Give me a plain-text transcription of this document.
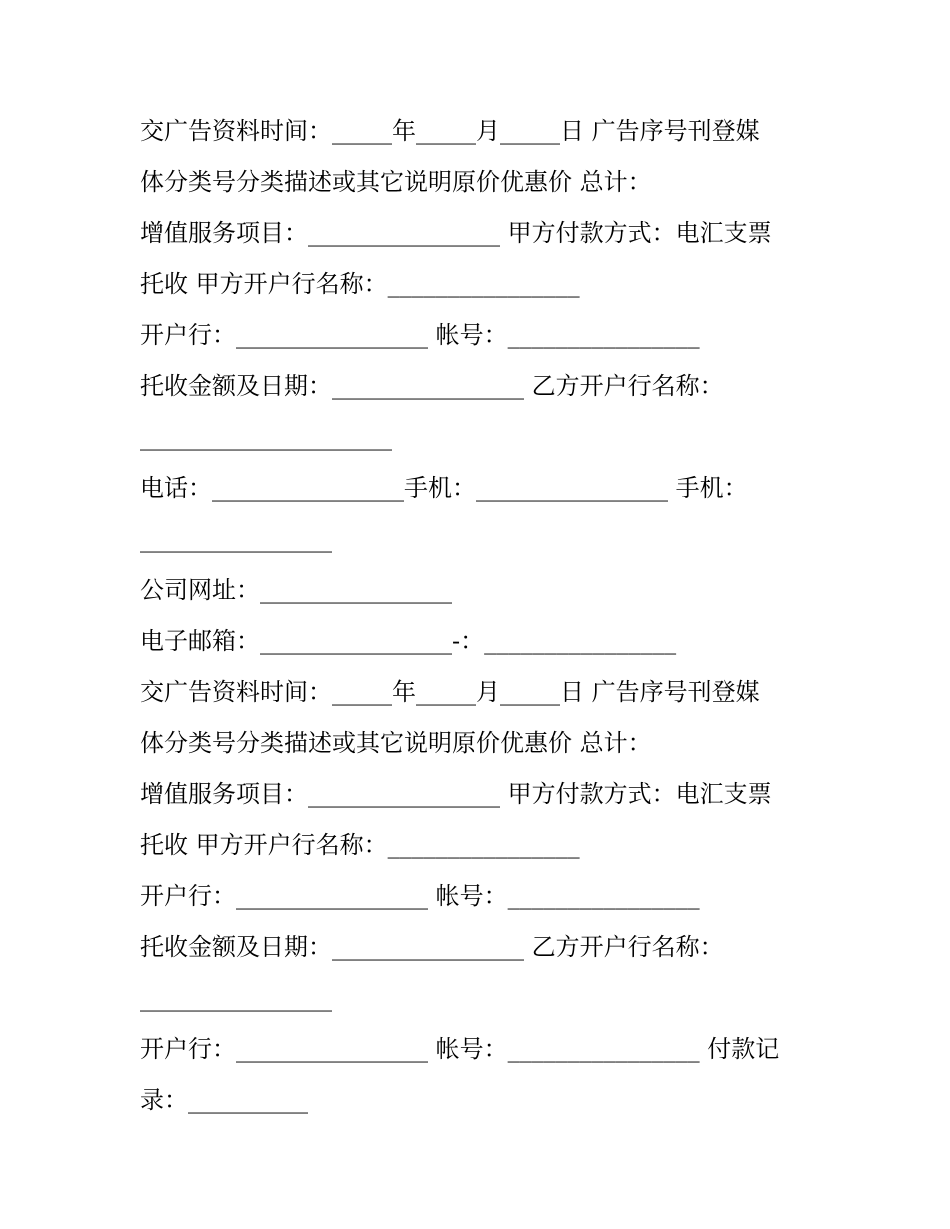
交广告资料时间：_____年_____月_____日 广告序号刊登媒
体分类号分类描述或其它说明原价优惠价 总计：
增值服务项目：________________ 甲方付款方式：电汇支票
托收 甲方开户行名称：________________
开户行：________________ 帐号：________________
托收金额及日期：________________ 乙方开户行名称：
_____________________
电话：________________手机：________________ 手机：
________________
公司网址：________________
电子邮箱：________________-：________________
交广告资料时间：_____年_____月_____日 广告序号刊登媒
体分类号分类描述或其它说明原价优惠价 总计：
增值服务项目：________________ 甲方付款方式：电汇支票
托收 甲方开户行名称：________________
开户行：________________ 帐号：________________
托收金额及日期：________________ 乙方开户行名称：
________________
开户行：________________ 帐号：________________ 付款记
录：__________
